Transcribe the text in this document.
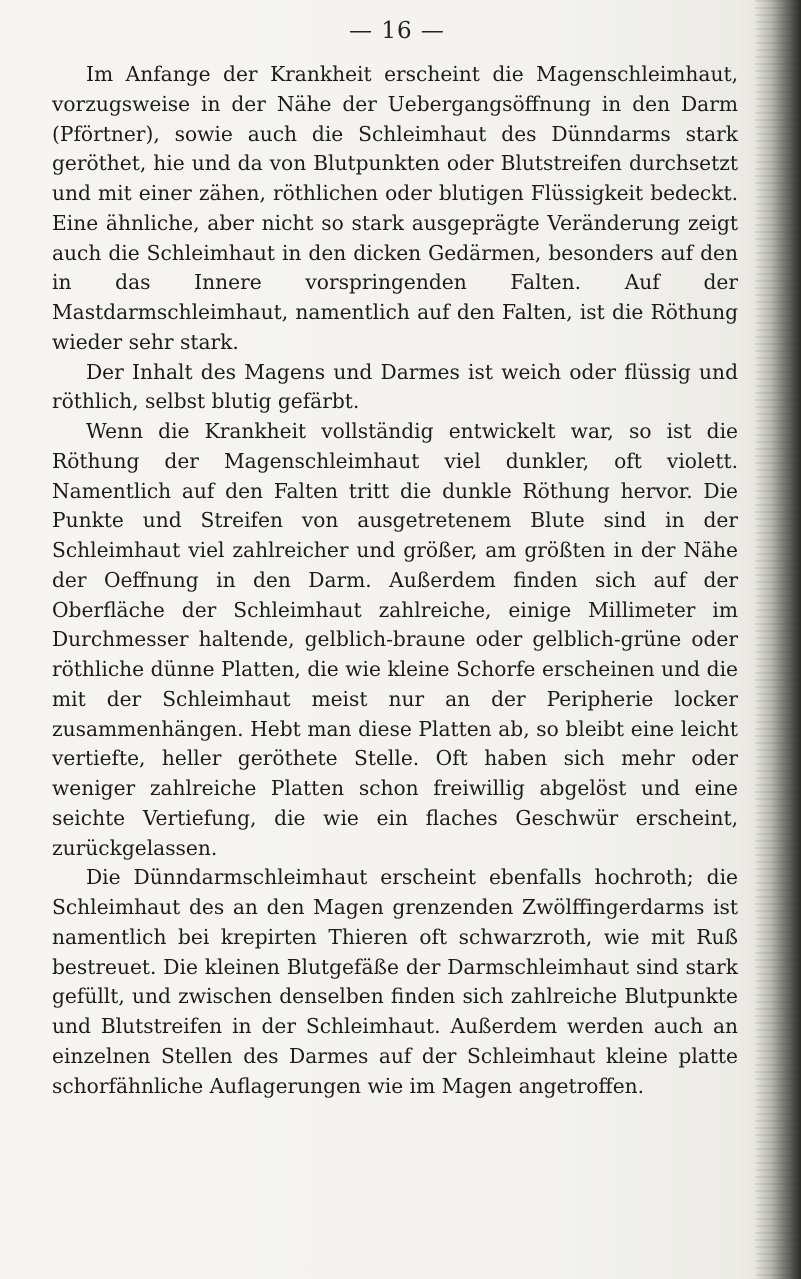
— 16 —

Im Anfange der Krankheit erscheint die Magenschleimhaut, vorzugsweise in der Nähe der Uebergangsöffnung in den Darm (Pförtner), sowie auch die Schleimhaut des Dünndarms stark geröthet, hie und da von Blutpunkten oder Blutstreifen durchsetzt und mit einer zähen, röthlichen oder blutigen Flüssigkeit bedeckt. Eine ähnliche, aber nicht so stark ausgeprägte Veränderung zeigt auch die Schleimhaut in den dicken Gedärmen, besonders auf den in das Innere vorspringenden Falten. Auf der Mastdarmschleimhaut, namentlich auf den Falten, ist die Röthung wieder sehr stark.

Der Inhalt des Magens und Darmes ist weich oder flüssig und röthlich, selbst blutig gefärbt.

Wenn die Krankheit vollständig entwickelt war, so ist die Röthung der Magenschleimhaut viel dunkler, oft violett. Namentlich auf den Falten tritt die dunkle Röthung hervor. Die Punkte und Streifen von ausgetretenem Blute sind in der Schleimhaut viel zahlreicher und größer, am größten in der Nähe der Oeffnung in den Darm. Außerdem finden sich auf der Oberfläche der Schleimhaut zahlreiche, einige Millimeter im Durchmesser haltende, gelblich-braune oder gelblich-grüne oder röthliche dünne Platten, die wie kleine Schorfe erscheinen und die mit der Schleimhaut meist nur an der Peripherie locker zusammenhängen. Hebt man diese Platten ab, so bleibt eine leicht vertiefte, heller geröthete Stelle. Oft haben sich mehr oder weniger zahlreiche Platten schon freiwillig abgelöst und eine seichte Vertiefung, die wie ein flaches Geschwür erscheint, zurückgelassen.

Die Dünndarmschleimhaut erscheint ebenfalls hochroth; die Schleimhaut des an den Magen grenzenden Zwölffingerdarms ist namentlich bei krepirten Thieren oft schwarzroth, wie mit Ruß bestreuet. Die kleinen Blutgefäße der Darmschleimhaut sind stark gefüllt, und zwischen denselben finden sich zahlreiche Blutpunkte und Blutstreifen in der Schleimhaut. Außerdem werden auch an einzelnen Stellen des Darmes auf der Schleimhaut kleine platte schorfähnliche Auflagerungen wie im Magen angetroffen.
